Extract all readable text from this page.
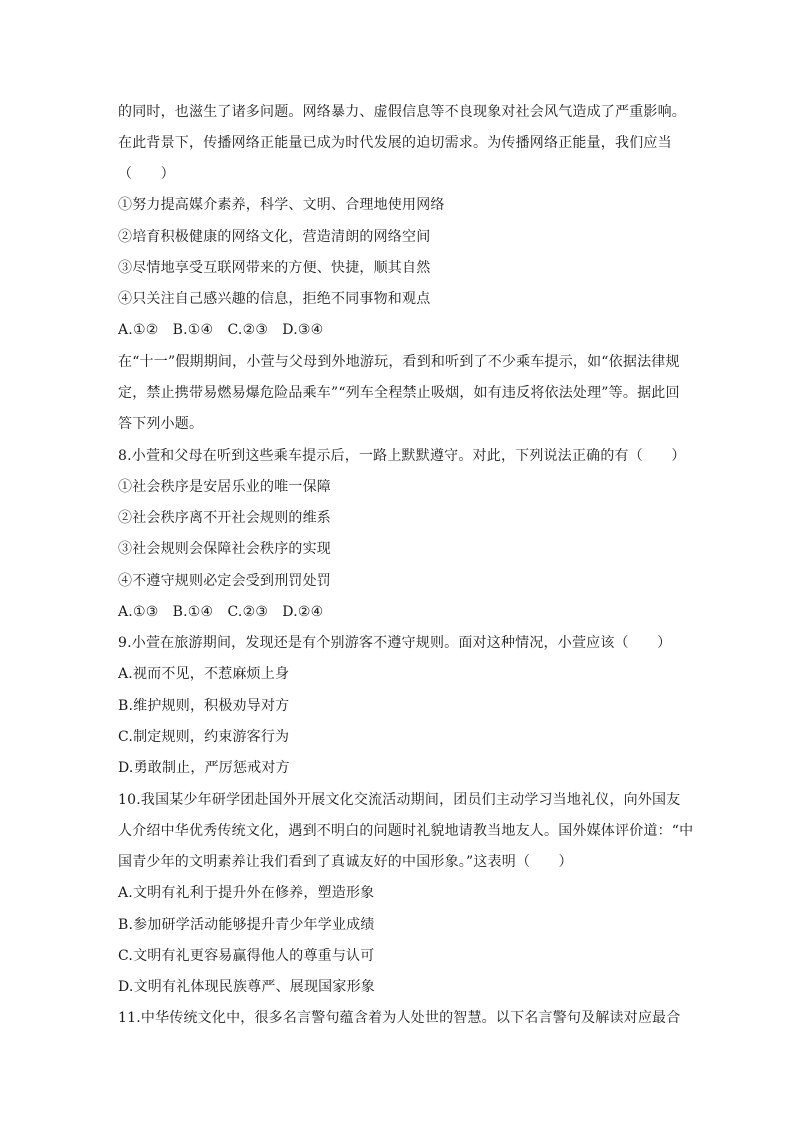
的同时，也滋生了诸多问题。网络暴力、虚假信息等不良现象对社会风气造成了严重影响。
在此背景下，传播网络正能量已成为时代发展的迫切需求。为传播网络正能量，我们应当
（　　）
①努力提高媒介素养，科学、文明、合理地使用网络
②培育积极健康的网络文化，营造清朗的网络空间
③尽情地享受互联网带来的方便、快捷，顺其自然
④只关注自己感兴趣的信息，拒绝不同事物和观点
A.①②　B.①④　C.②③　D.③④
在“十一”假期期间，小萱与父母到外地游玩，看到和听到了不少乘车提示，如“依据法律规
定，禁止携带易燃易爆危险品乘车”“列车全程禁止吸烟，如有违反将依法处理”等。据此回
答下列小题。
8.小萱和父母在听到这些乘车提示后，一路上默默遵守。对此，下列说法正确的有（　　）
①社会秩序是安居乐业的唯一保障
②社会秩序离不开社会规则的维系
③社会规则会保障社会秩序的实现
④不遵守规则必定会受到刑罚处罚
A.①③　B.①④　C.②③　D.②④
9.小萱在旅游期间，发现还是有个别游客不遵守规则。面对这种情况，小萱应该（　　）
A.视而不见，不惹麻烦上身
B.维护规则，积极劝导对方
C.制定规则，约束游客行为
D.勇敢制止，严厉惩戒对方
10.我国某少年研学团赴国外开展文化交流活动期间，团员们主动学习当地礼仪，向外国友
人介绍中华优秀传统文化，遇到不明白的问题时礼貌地请教当地友人。国外媒体评价道：“中
国青少年的文明素养让我们看到了真诚友好的中国形象。”这表明（　　）
A.文明有礼利于提升外在修养，塑造形象
B.参加研学活动能够提升青少年学业成绩
C.文明有礼更容易赢得他人的尊重与认可
D.文明有礼体现民族尊严、展现国家形象
11.中华传统文化中，很多名言警句蕴含着为人处世的智慧。以下名言警句及解读对应最合
